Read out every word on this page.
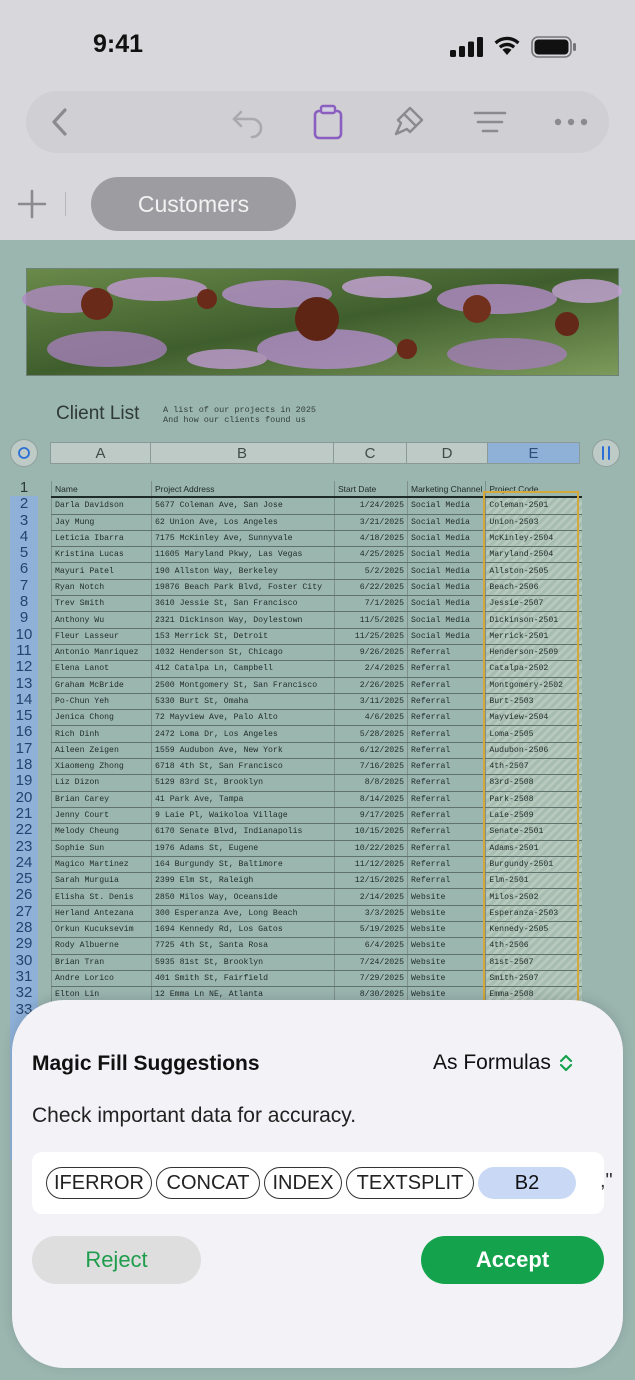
9:41
Customers
Client List	A list of our projects in 2025
And how our clients found us
A	B	C	D	E
1
2
3
4
5
6
7
8
9
10
11
12
13
14
15
16
17
18
19
20
21
22
23
24
25
26
27
28
29
30
31
32
33
Name	Project Address	Start Date	Marketing Channel	Project Code
Darla Davidson	5677 Coleman Ave, San Jose	1/24/2025	Social Media	Coleman-2501
Jay Mung	62 Union Ave, Los Angeles	3/21/2025	Social Media	Union-2503
Leticia Ibarra	7175 McKinley Ave, Sunnyvale	4/18/2025	Social Media	McKinley-2504
Kristina Lucas	11605 Maryland Pkwy, Las Vegas	4/25/2025	Social Media	Maryland-2504
Mayuri Patel	190 Allston Way, Berkeley	5/2/2025	Social Media	Allston-2505
Ryan Notch	19876 Beach Park Blvd, Foster City	6/22/2025	Social Media	Beach-2506
Trev Smith	3610 Jessie St, San Francisco	7/1/2025	Social Media	Jessie-2507
Anthony Wu	2321 Dickinson Way, Doylestown	11/5/2025	Social Media	Dickinson-2501
Fleur Lasseur	153 Merrick St, Detroit	11/25/2025	Social Media	Merrick-2501
Antonio Manriquez	1032 Henderson St, Chicago	9/26/2025	Referral	Henderson-2509
Elena Lanot	412 Catalpa Ln, Campbell	2/4/2025	Referral	Catalpa-2502
Graham McBride	2500 Montgomery St, San Francisco	2/26/2025	Referral	Montgomery-2502
Po-Chun Yeh	5330 Burt St, Omaha	3/11/2025	Referral	Burt-2503
Jenica Chong	72 Mayview Ave, Palo Alto	4/6/2025	Referral	Mayview-2504
Rich Dinh	2472 Loma Dr, Los Angeles	5/28/2025	Referral	Loma-2505
Aileen Zeigen	1559 Audubon Ave, New York	6/12/2025	Referral	Audubon-2506
Xiaomeng Zhong	6718 4th St, San Francisco	7/16/2025	Referral	4th-2507
Liz Dizon	5129 83rd St, Brooklyn	8/8/2025	Referral	83rd-2508
Brian Carey	41 Park Ave, Tampa	8/14/2025	Referral	Park-2508
Jenny Court	9 Laie Pl, Waikoloa Village	9/17/2025	Referral	Laie-2509
Melody Cheung	6170 Senate Blvd, Indianapolis	10/15/2025	Referral	Senate-2501
Sophie Sun	1976 Adams St, Eugene	10/22/2025	Referral	Adams-2501
Magico Martinez	164 Burgundy St, Baltimore	11/12/2025	Referral	Burgundy-2501
Sarah Murguia	2399 Elm St, Raleigh	12/15/2025	Referral	Elm-2501
Elisha St. Denis	2850 Milos Way, Oceanside	2/14/2025	Website	Milos-2502
Herland Antezana	300 Esperanza Ave, Long Beach	3/3/2025	Website	Esperanza-2503
Orkun Kucuksevim	1694 Kennedy Rd, Los Gatos	5/19/2025	Website	Kennedy-2505
Rody Albuerne	7725 4th St, Santa Rosa	6/4/2025	Website	4th-2506
Brian Tran	5935 81st St, Brooklyn	7/24/2025	Website	81st-2507
Andre Lorico	401 Smith St, Fairfield	7/29/2025	Website	Smith-2507
Elton Lin	12 Emma Ln NE, Atlanta	8/30/2025	Website	Emma-2508
Magic Fill Suggestions	As Formulas
Check important data for accuracy.
IFERROR	CONCAT	INDEX	TEXTSPLIT	B2	,"
Reject	Accept
